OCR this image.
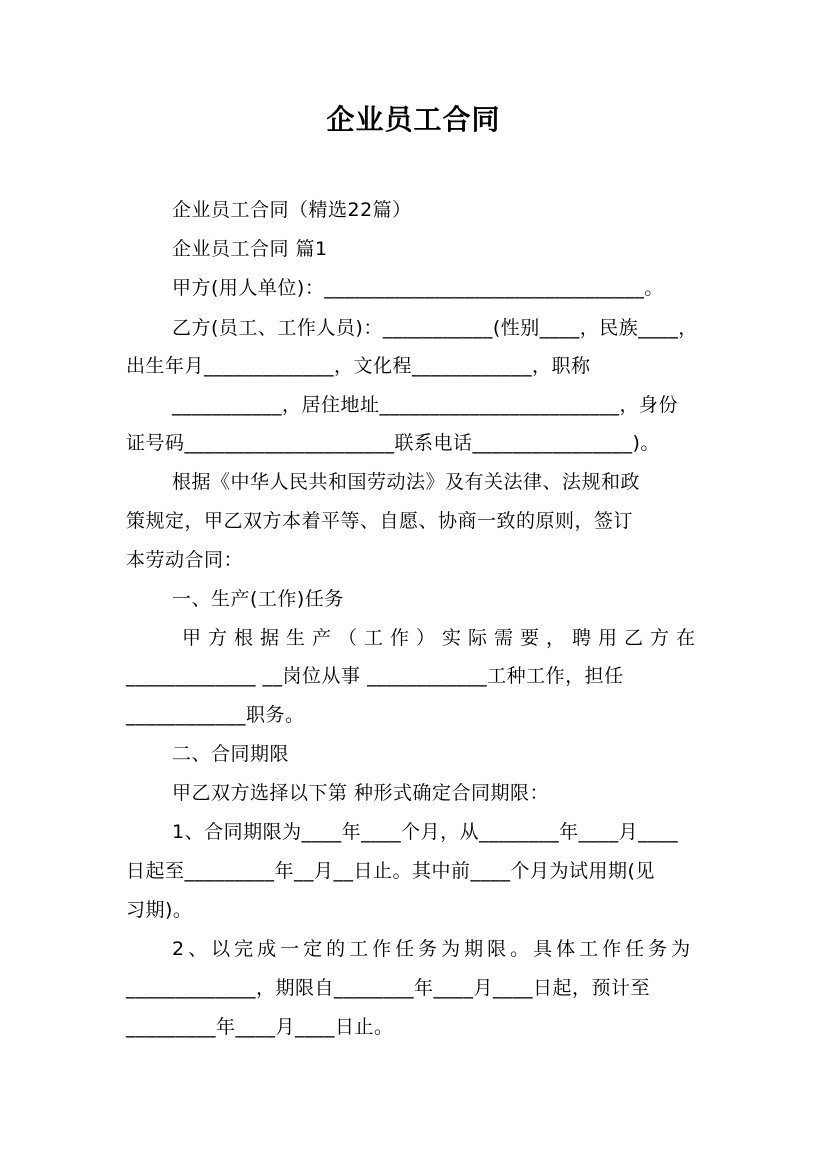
企业员工合同
企业员工合同（精选22篇）
企业员工合同 篇1
甲方(用人单位)：________________________________。
乙方(员工、工作人员)：___________(性别____，民族____，
出生年月_____________，文化程____________，职称
___________，居住地址________________________，身份
证号码_____________________联系电话________________)。
根据《中华人民共和国劳动法》及有关法律、法规和政
策规定，甲乙双方本着平等、自愿、协商一致的原则，签订
本劳动合同：
一、生产(工作)任务
甲方根据生产（工作）实际需要，聘用乙方在
_____________ __岗位从事 ____________工种工作，担任
____________职务。
二、合同期限
甲乙双方选择以下第 种形式确定合同期限：
1、合同期限为____年____个月，从________年____月____
日起至_________年__月__日止。其中前____个月为试用期(见
习期)。
2、以完成一定的工作任务为期限。具体工作任务为
_____________，期限自________年____月____日起，预计至
_________年____月____日止。
